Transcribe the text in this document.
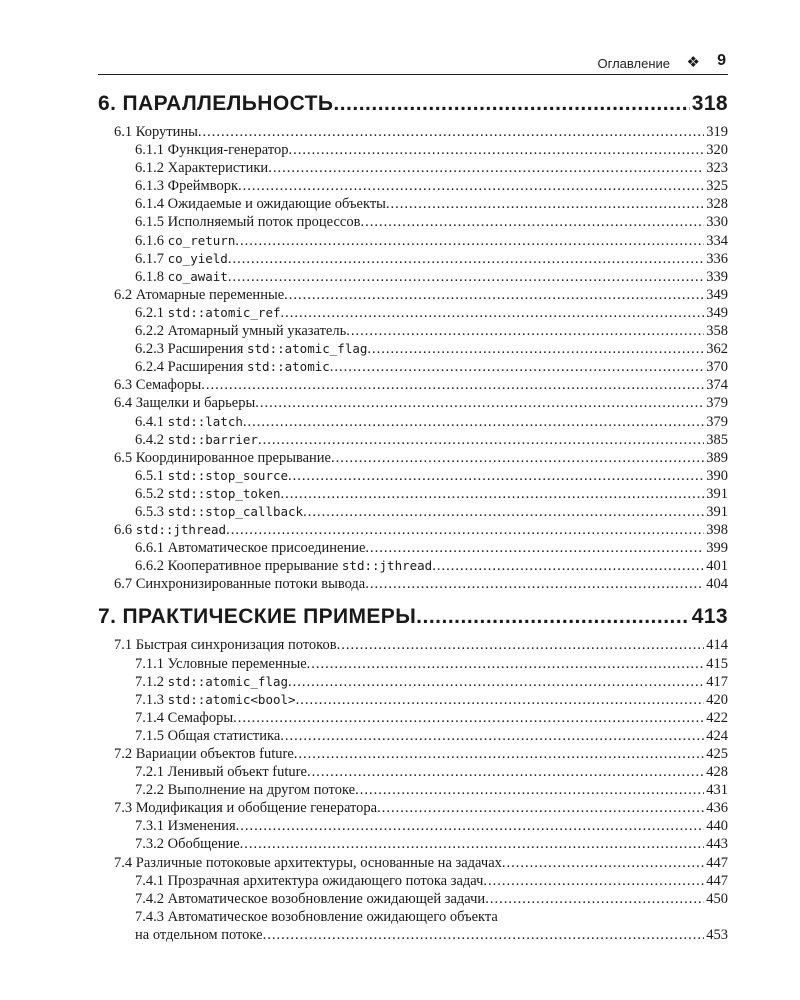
Оглавление ❖ 9
6. ПАРАЛЛЕЛЬНОСТЬ .....	318
6.1 Корутины .....	319
6.1.1 Функция-генератор .....	320
6.1.2 Характеристики .....	323
6.1.3 Фреймворк .....	325
6.1.4 Ожидаемые и ожидающие объекты .....	328
6.1.5 Исполняемый поток процессов .....	330
6.1.6 co_return .....	334
6.1.7 co_yield .....	336
6.1.8 co_await .....	339
6.2 Атомарные переменные .....	349
6.2.1 std::atomic_ref .....	349
6.2.2 Атомарный умный указатель .....	358
6.2.3 Расширения std::atomic_flag .....	362
6.2.4 Расширения std::atomic .....	370
6.3 Семафоры .....	374
6.4 Защелки и барьеры .....	379
6.4.1 std::latch .....	379
6.4.2 std::barrier .....	385
6.5 Координированное прерывание .....	389
6.5.1 std::stop_source .....	390
6.5.2 std::stop_token .....	391
6.5.3 std::stop_callback .....	391
6.6 std::jthread .....	398
6.6.1 Автоматическое присоединение .....	399
6.6.2 Кооперативное прерывание std::jthread .....	401
6.7 Синхронизированные потоки вывода .....	404
7. ПРАКТИЧЕСКИЕ ПРИМЕРЫ .....	413
7.1 Быстрая синхронизация потоков .....	414
7.1.1 Условные переменные .....	415
7.1.2 std::atomic_flag .....	417
7.1.3 std::atomic<bool> .....	420
7.1.4 Семафоры .....	422
7.1.5 Общая статистика .....	424
7.2 Вариации объектов future .....	425
7.2.1 Ленивый объект future .....	428
7.2.2 Выполнение на другом потоке .....	431
7.3 Модификация и обобщение генератора .....	436
7.3.1 Изменения .....	440
7.3.2 Обобщение .....	443
7.4 Различные потоковые архитектуры, основанные на задачах .....	447
7.4.1 Прозрачная архитектура ожидающего потока задач .....	447
7.4.2 Автоматическое возобновление ожидающей задачи .....	450
7.4.3 Автоматическое возобновление ожидающего объекта
на отдельном потоке .....	453
